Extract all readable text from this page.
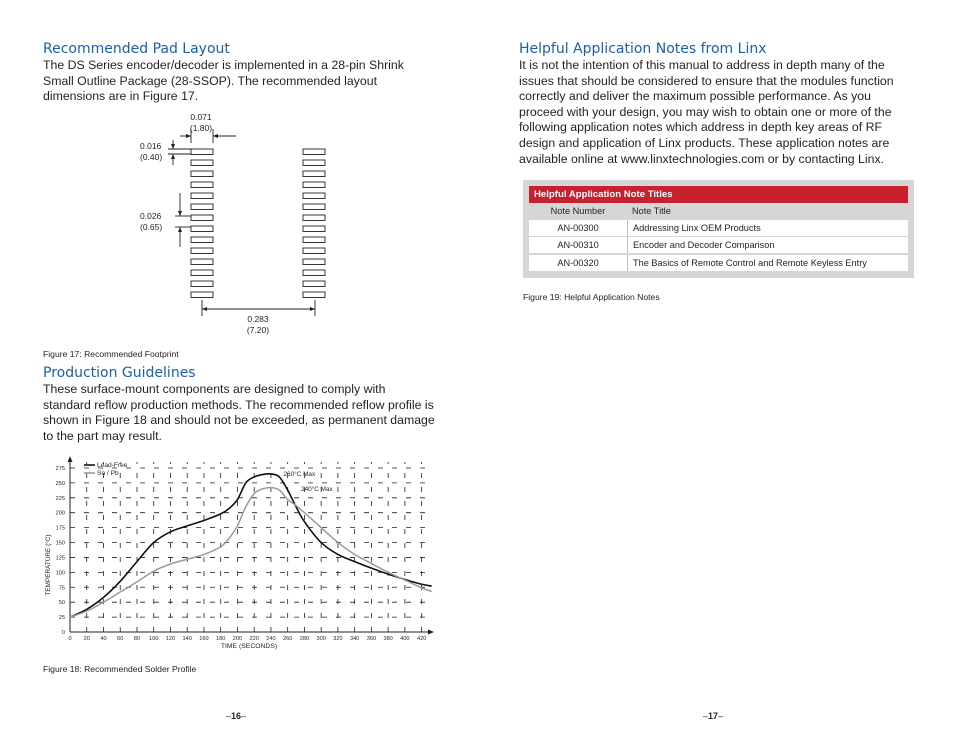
Recommended Pad Layout

The DS Series encoder/decoder is implemented in a 28-pin Shrink Small Outline Package (28-SSOP). The recommended layout dimensions are in Figure 17.

0.071
(1.80)
0.016
(0.40)
0.026
(0.65)
0.283
(7.20)
Figure 17: Recommended Footprint
Production Guidelines

These surface-mount components are designed to comply with standard reflow production methods. The recommended reflow profile is shown in Figure 18 and should not be exceeded, as permanent damage to the part may result.

0 20 40 60 80 100 120 140 160 180 200 220 240 260 280 300 320 340 360 380 400 420
0
25
50
75
100
125
150
175
200
225
250
275	Lead-Free
Sn / Pb	260°C Max
240°C Max
TIME (SECONDS)
TEMPERATURE (°C)
Figure 18: Recommended Solder Profile
–16–
Helpful Application Notes from Linx

It is not the intention of this manual to address in depth many of the issues that should be considered to ensure that the modules function correctly and deliver the maximum possible performance. As you proceed with your design, you may wish to obtain one or more of the following application notes which address in depth key areas of RF design and application of Linx products. These application notes are available online at www.linxtechnologies.com or by contacting Linx.

Helpful Application Note Titles
Note Number	Note Title
AN-00300	Addressing Linx OEM Products
AN-00310	Encoder and Decoder Comparison
AN-00320	The Basics of Remote Control and Remote Keyless Entry
Figure 19: Helpful Application Notes
–17–
